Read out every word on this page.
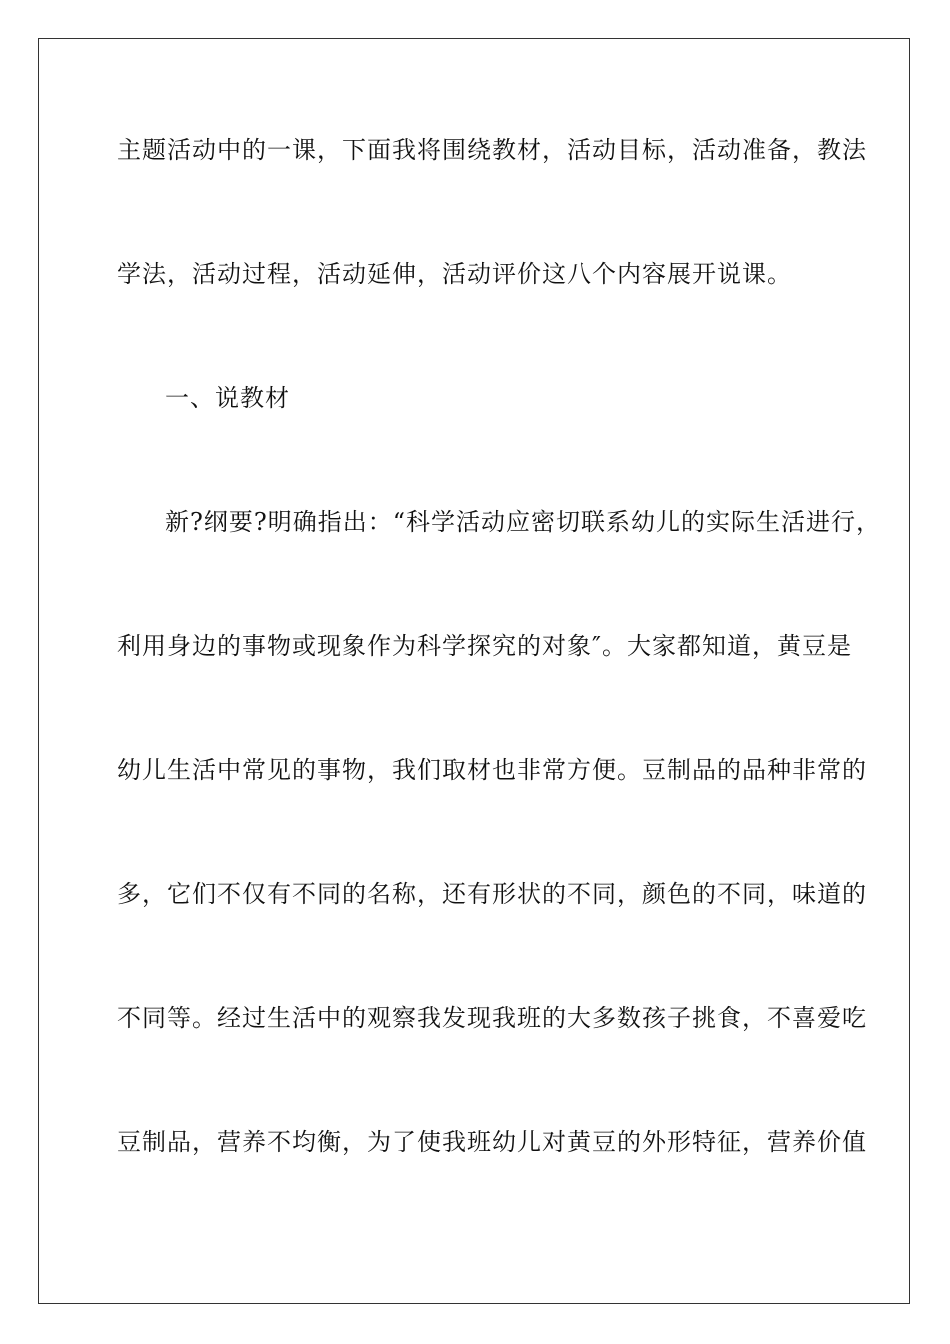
主题活动中的一课，下面我将围绕教材，活动目标，活动准备，教法
学法，活动过程，活动延伸，活动评价这八个内容展开说课。
一、说教材
新?纲要?明确指出：“科学活动应密切联系幼儿的实际生活进行，
利用身边的事物或现象作为科学探究的对象″。大家都知道，黄豆是
幼儿生活中常见的事物，我们取材也非常方便。豆制品的品种非常的
多，它们不仅有不同的名称，还有形状的不同，颜色的不同，味道的
不同等。经过生活中的观察我发现我班的大多数孩子挑食，不喜爱吃
豆制品，营养不均衡，为了使我班幼儿对黄豆的外形特征，营养价值
